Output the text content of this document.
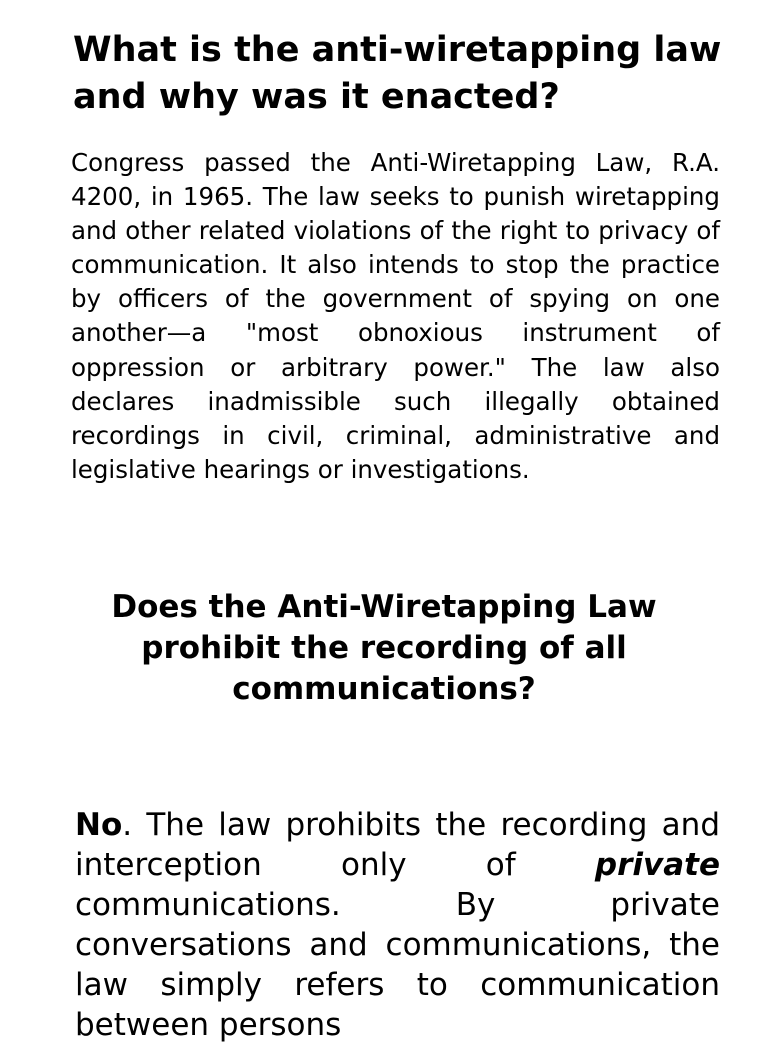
What is the anti-wiretapping law and why was it enacted?

Congress passed the Anti-Wiretapping Law, R.A. 4200, in 1965. The law seeks to punish wiretapping and other related violations of the right to privacy of communication. It also intends to stop the practice by officers of the government of spying on one another—a "most obnoxious instrument of oppression or arbitrary power." The law also declares inadmissible such illegally obtained recordings in civil, criminal, administrative and legislative hearings or investigations.

Does the Anti-Wiretapping Law prohibit the recording of all communications?

No. The law prohibits the recording and interception only of private communications. By private conversations and communications, the law simply refers to communication between persons
